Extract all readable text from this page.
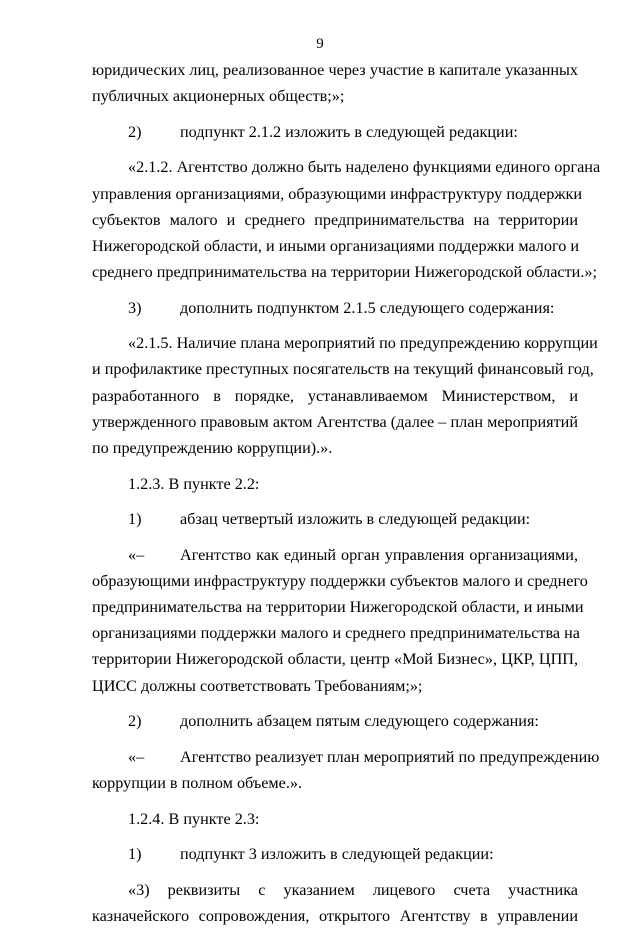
9
юридических лиц, реализованное через участие в капитале указанных
публичных акционерных обществ;»;
2) подпункт 2.1.2 изложить в следующей редакции:
«2.1.2. Агентство должно быть наделено функциями единого органа
управления организациями, образующими инфраструктуру поддержки
субъектов малого и среднего предпринимательства на территории
Нижегородской области, и иными организациями поддержки малого и
среднего предпринимательства на территории Нижегородской области.»;
3) дополнить подпунктом 2.1.5 следующего содержания:
«2.1.5. Наличие плана мероприятий по предупреждению коррупции
и профилактике преступных посягательств на текущий финансовый год,
разработанного в порядке, устанавливаемом Министерством, и
утвержденного правовым актом Агентства (далее – план мероприятий
по предупреждению коррупции).».
1.2.3. В пункте 2.2:
1) абзац четвертый изложить в следующей редакции:
«– Агентство как единый орган управления организациями,
образующими инфраструктуру поддержки субъектов малого и среднего
предпринимательства на территории Нижегородской области, и иными
организациями поддержки малого и среднего предпринимательства на
территории Нижегородской области, центр «Мой Бизнес», ЦКР, ЦПП,
ЦИСС должны соответствовать Требованиям;»;
2) дополнить абзацем пятым следующего содержания:
«– Агентство реализует план мероприятий по предупреждению
коррупции в полном объеме.».
1.2.4. В пункте 2.3:
1) подпункт 3 изложить в следующей редакции:
«3) реквизиты с указанием лицевого счета участника
казначейского сопровождения, открытого Агентству в управлении
